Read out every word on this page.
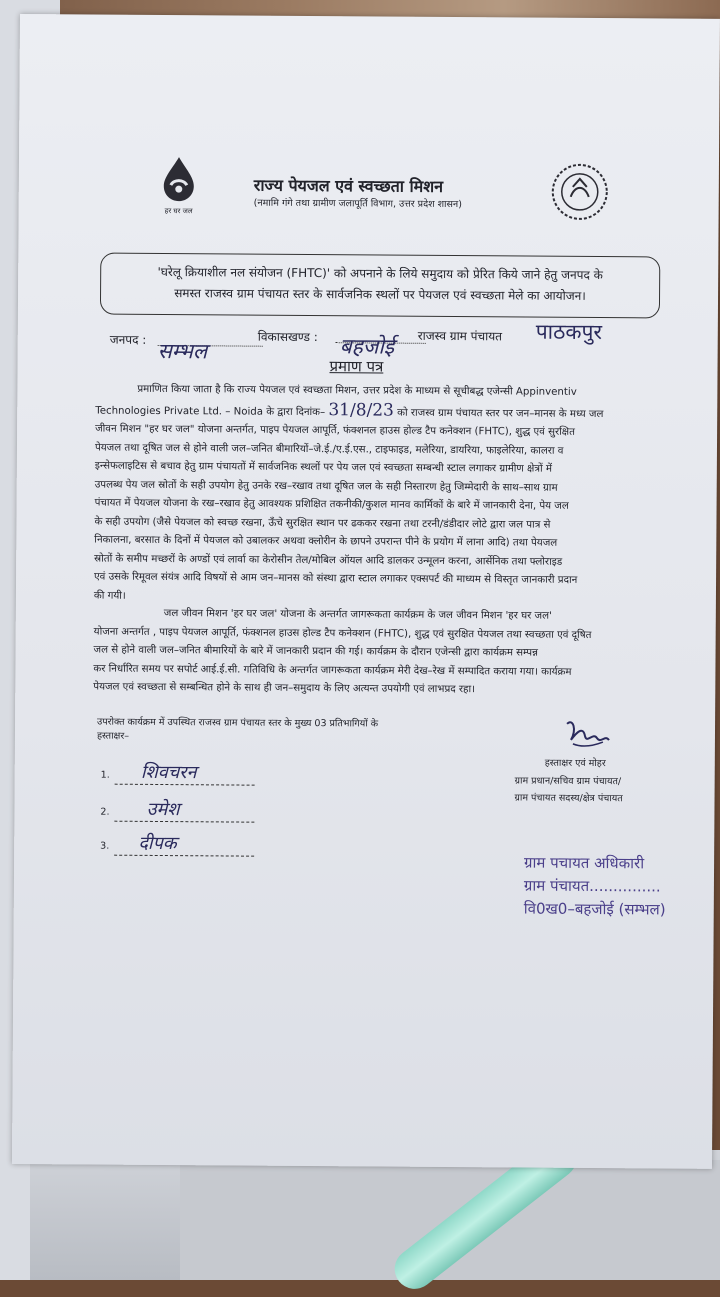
हर घर जल
राज्य पेयजल एवं स्वच्छता मिशन
(नमामि गंगे तथा ग्रामीण जलापूर्ति विभाग, उत्तर प्रदेश शासन)
'घरेलू क्रियाशील नल संयोजन (FHTC)' को अपनाने के लिये समुदाय को प्रेरित किये जाने हेतु जनपद के
समस्त राजस्व ग्राम पंचायत स्तर के सार्वजनिक स्थलों पर पेयजल एवं स्वच्छता मेले का आयोजन।
जनपद : सम्भल
विकासखण्ड : बहजोई राजस्व ग्राम पंचायत पाठकपुर
प्रमाण पत्र
प्रमाणित किया जाता है कि राज्य पेयजल एवं स्वच्छता मिशन, उत्तर प्रदेश के माध्यम से सूचीबद्ध एजेन्सी Appinventiv
Technologies Private Ltd. – Noida के द्वारा दिनांक– 31/8/23 को राजस्व ग्राम पंचायत स्तर पर जन–मानस के मध्य जल
जीवन मिशन "हर घर जल" योजना अन्तर्गत, पाइप पेयजल आपूर्ति, फंक्शनल हाउस होल्ड टैप कनेक्शन (FHTC), शुद्ध एवं सुरक्षित
पेयजल तथा दूषित जल से होने वाली जल–जनित बीमारियों–जे.ई./ए.ई.एस., टाइफाइड, मलेरिया, डायरिया, फाइलेरिया, कालरा व
इन्सेफलाइटिस से बचाव हेतु ग्राम पंचायतों में सार्वजनिक स्थलों पर पेय जल एवं स्वच्छता सम्बन्धी स्टाल लगाकर ग्रामीण क्षेत्रों में
उपलब्ध पेय जल स्रोतों के सही उपयोग हेतु उनके रख–रखाव तथा दूषित जल के सही निस्तारण हेतु जिम्मेदारी के साथ–साथ ग्राम
पंचायत में पेयजल योजना के रख–रखाव हेतु आवश्यक प्रशिक्षित तकनीकी/कुशल मानव कार्मिकों के बारे में जानकारी देना, पेय जल
के सही उपयोग (जैसे पेयजल को स्वच्छ रखना, ऊँचे सुरक्षित स्थान पर ढककर रखना तथा टरनी/डंडीदार लोटे द्वारा जल पात्र से
निकालना, बरसात के दिनों में पेयजल को उबालकर अथवा क्लोरीन के छापने उपरान्त पीने के प्रयोग में लाना आदि) तथा पेयजल
स्रोतों के समीप मच्छरों के अण्डों एवं लार्वा का केरोसीन तेल/मोबिल ऑयल आदि डालकर उन्मूलन करना, आर्सेनिक तथा फ्लोराइड
एवं उसके रिमूवल संयंत्र आदि विषयों से आम जन–मानस को संस्था द्वारा स्टाल लगाकर एक्सपर्ट की माध्यम से विस्तृत जानकारी प्रदान
की गयी।
जल जीवन मिशन 'हर घर जल' योजना के अन्तर्गत जागरूकता कार्यक्रम के जल जीवन मिशन 'हर घर जल'
योजना अन्तर्गत , पाइप पेयजल आपूर्ति, फंक्शनल हाउस होल्ड टैप कनेक्शन (FHTC), शुद्ध एवं सुरक्षित पेयजल तथा स्वच्छता एवं दूषित
जल से होने वाली जल–जनित बीमारियों के बारे में जानकारी प्रदान की गई। कार्यक्रम के दौरान एजेन्सी द्वारा कार्यक्रम सम्पन्न
कर निर्धारित समय पर सपोर्ट आई.ई.सी. गतिविधि के अन्तर्गत जागरूकता कार्यक्रम मेरी देख–रेख में सम्पादित कराया गया। कार्यक्रम
पेयजल एवं स्वच्छता से सम्बन्धित होने के साथ ही जन–समुदाय के लिए अत्यन्त उपयोगी एवं लाभप्रद रहा।
उपरोक्त कार्यक्रम में उपस्थित राजस्व ग्राम पंचायत स्तर के मुख्य 03 प्रतिभागियों के
हस्ताक्षर–
1. शिवचरन
2. उमेश
3. दीपक
हस्ताक्षर एवं मोहर
ग्राम प्रधान/सचिव ग्राम पंचायत/
ग्राम पंचायत सदस्य/क्षेत्र पंचायत
ग्राम पचायत अधिकारी
ग्राम पंचायत...............
वि0ख0–बहजोई (सम्भल)
